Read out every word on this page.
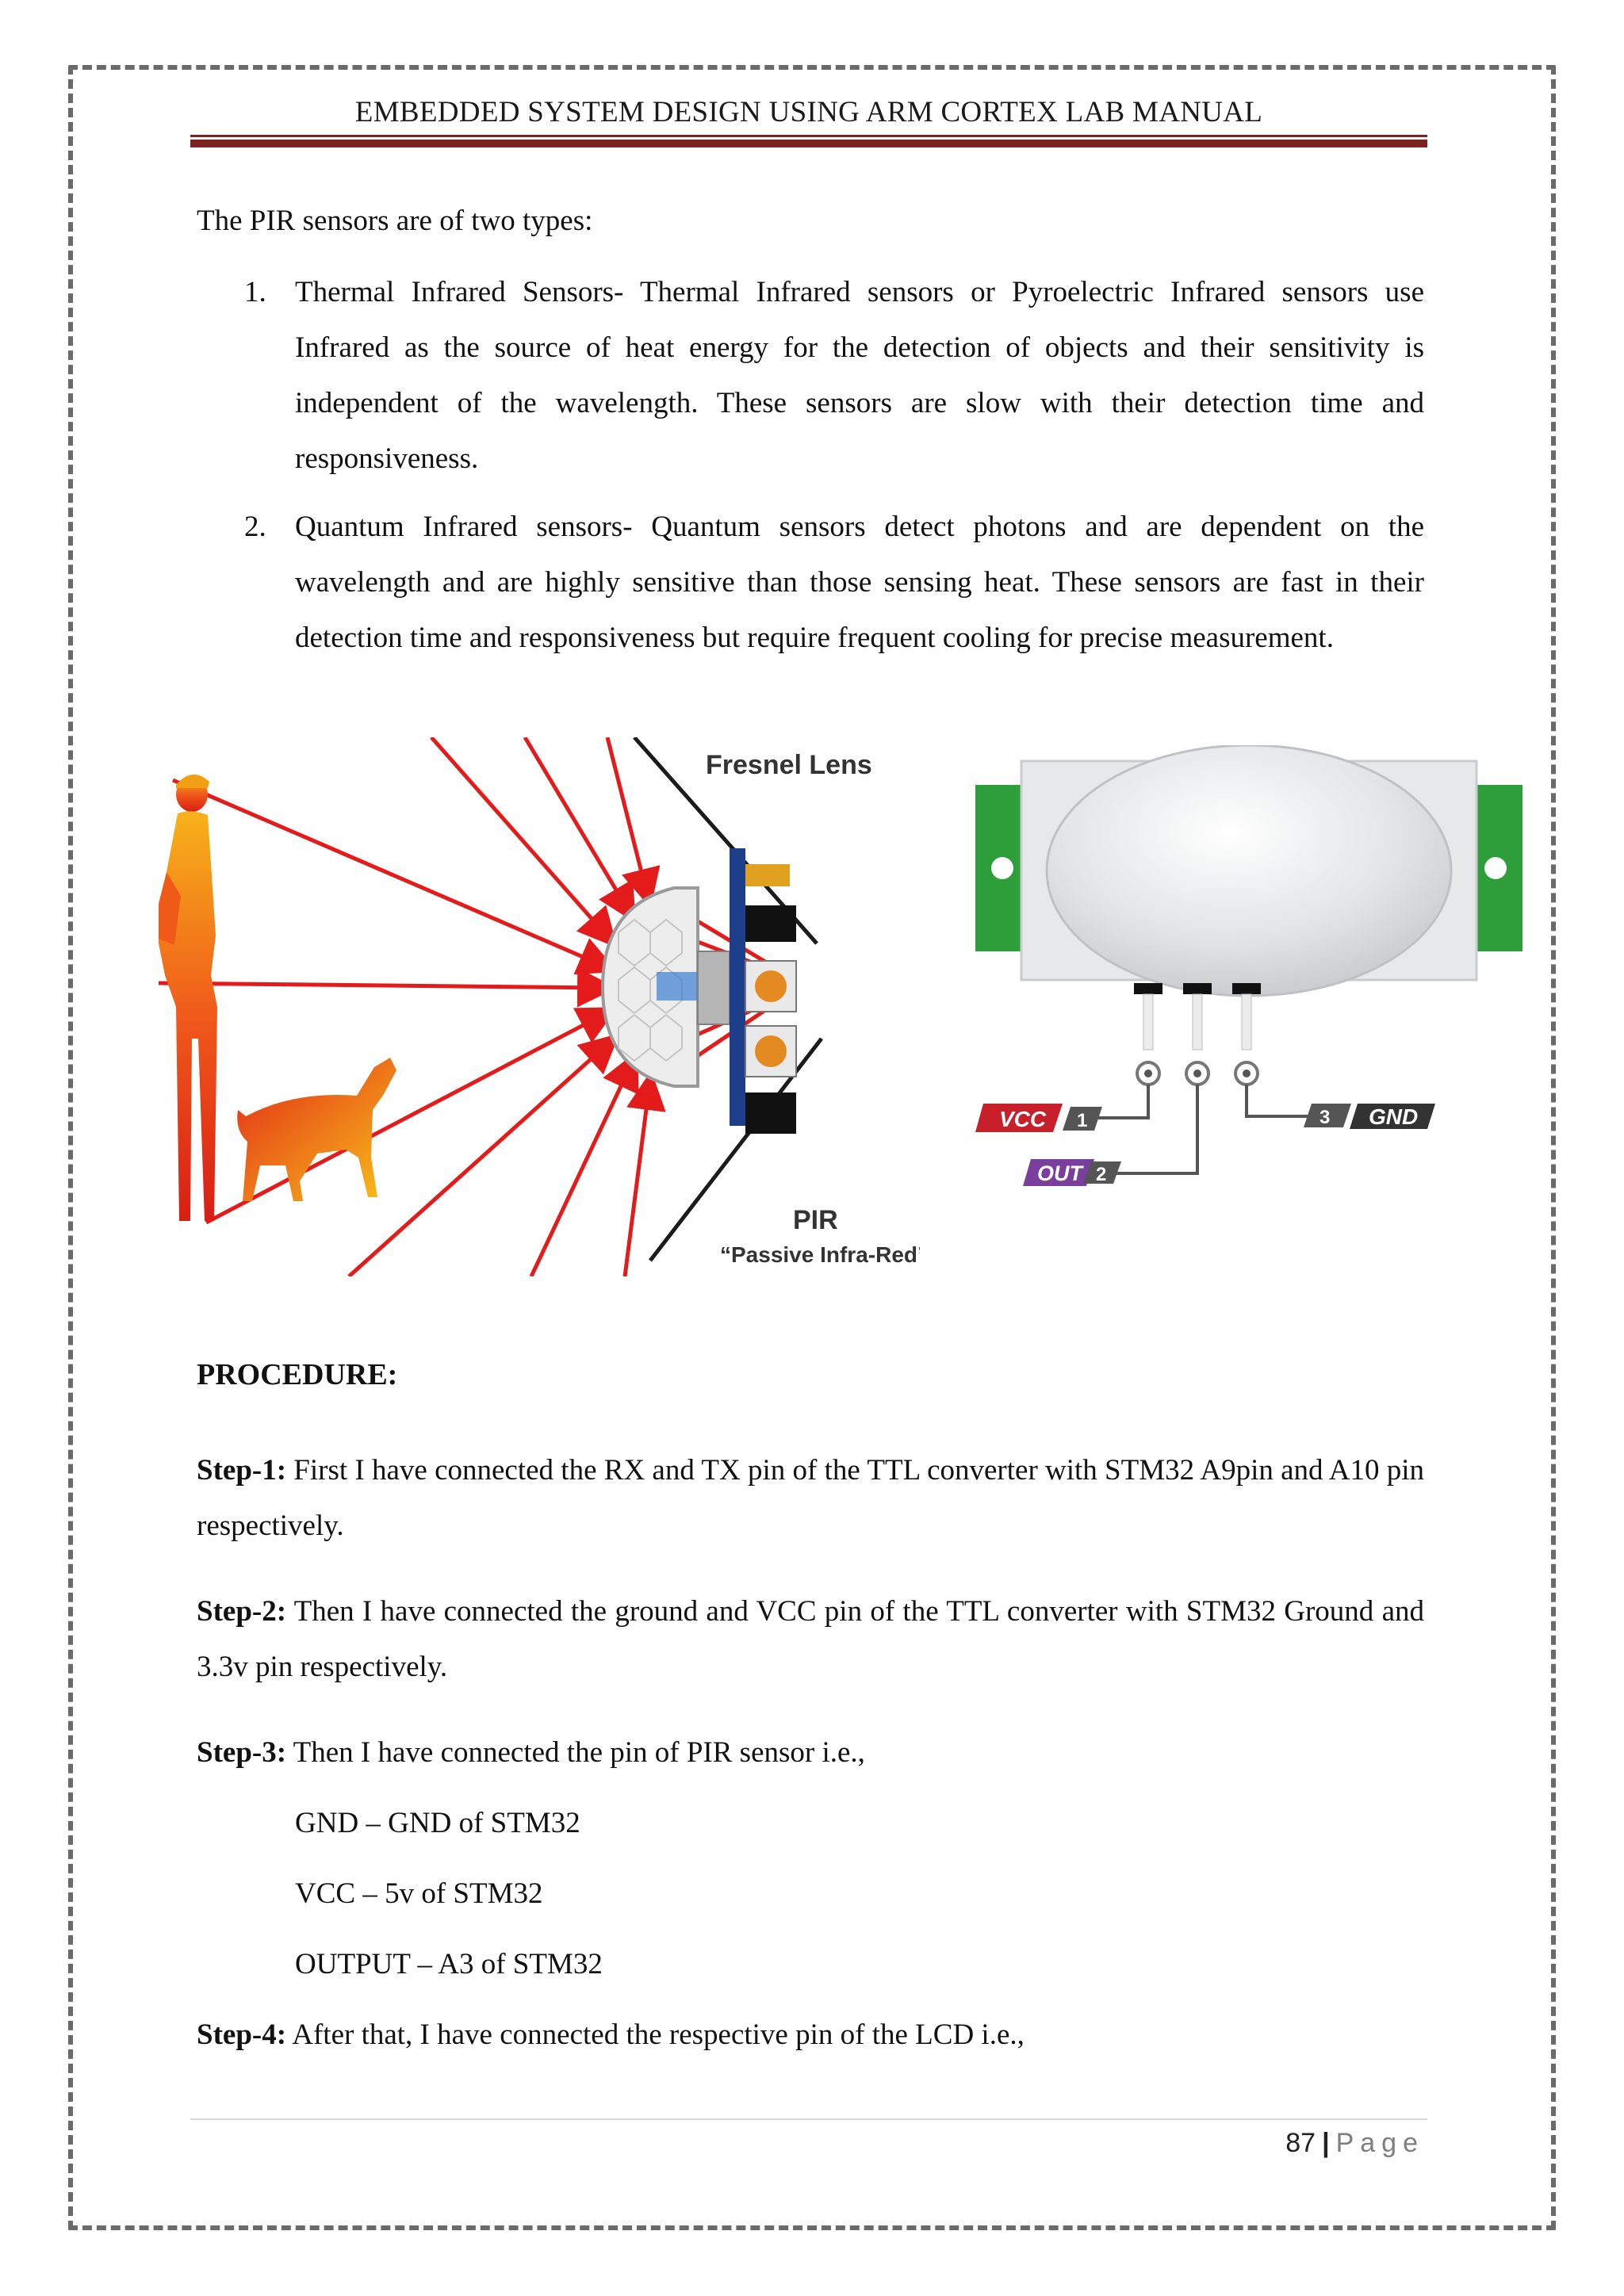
EMBEDDED SYSTEM DESIGN USING ARM CORTEX LAB MANUAL
The PIR sensors are of two types:
1. Thermal Infrared Sensors- Thermal Infrared sensors or Pyroelectric Infrared sensors use Infrared as the source of heat energy for the detection of objects and their sensitivity is independent of the wavelength. These sensors are slow with their detection time and responsiveness.
2. Quantum Infrared sensors- Quantum sensors detect photons and are dependent on the wavelength and are highly sensitive than those sensing heat. These sensors are fast in their detection time and responsiveness but require frequent cooling for precise measurement.
Fresnel Lens
PIR
“Passive Infra-Red”
VCC 1
OUT 2
3 GND
PROCEDURE:
Step-1: First I have connected the RX and TX pin of the TTL converter with STM32 A9pin and A10 pin respectively.
Step-2: Then I have connected the ground and VCC pin of the TTL converter with STM32 Ground and 3.3v pin respectively.
Step-3: Then I have connected the pin of PIR sensor i.e.,
GND – GND of STM32
VCC – 5v of STM32
OUTPUT – A3 of STM32
Step-4: After that, I have connected the respective pin of the LCD i.e.,
87 | Page
